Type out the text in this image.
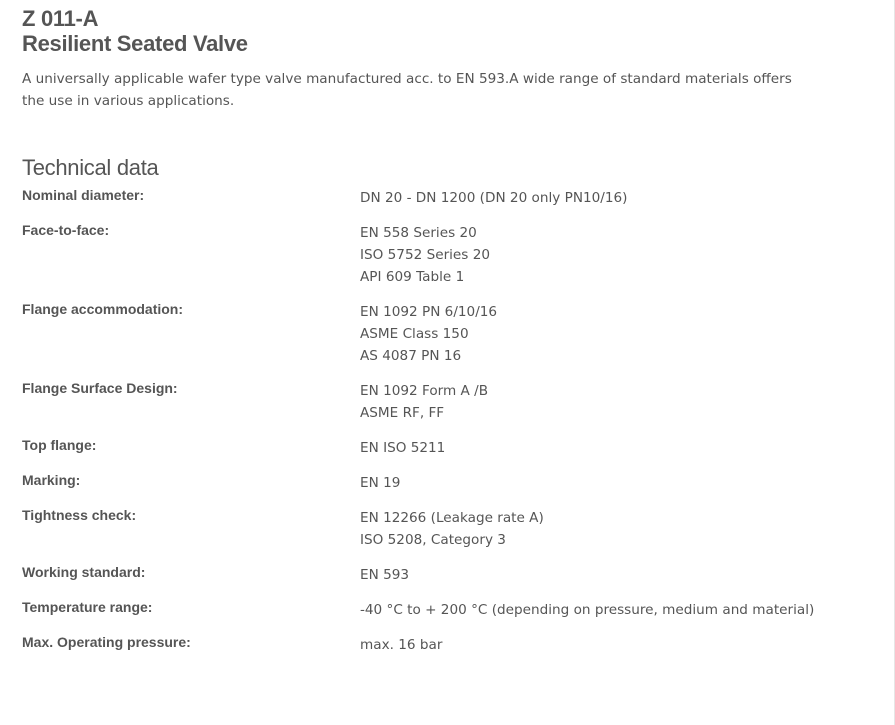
Z 011-A
Resilient Seated Valve
A universally applicable wafer type valve manufactured acc. to EN 593.A wide range of standard materials offers the use in various applications.
Technical data
Nominal diameter:	DN 20 - DN 1200 (DN 20 only PN10/16)
Face-to-face:	EN 558 Series 20
ISO 5752 Series 20
API 609 Table 1
Flange accommodation:	EN 1092 PN 6/10/16
ASME Class 150
AS 4087 PN 16
Flange Surface Design:	EN 1092 Form A /B
ASME RF, FF
Top flange:	EN ISO 5211
Marking:	EN 19
Tightness check:	EN 12266 (Leakage rate A)
ISO 5208, Category 3
Working standard:	EN 593
Temperature range:	-40 °C to + 200 °C (depending on pressure, medium and material)
Max. Operating pressure:	max. 16 bar
